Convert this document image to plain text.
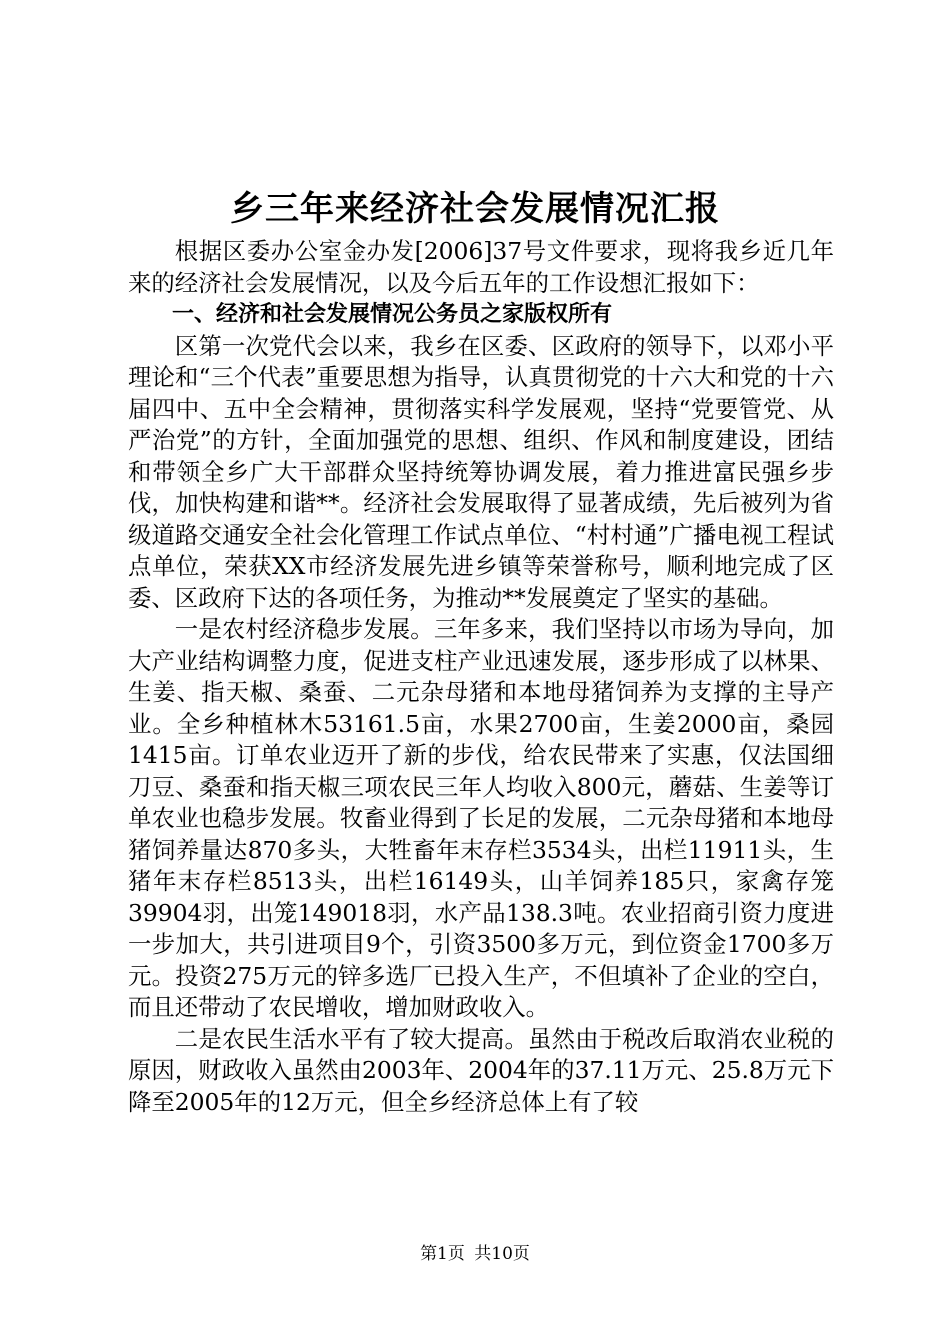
乡三年来经济社会发展情况汇报

根据区委办公室金办发[2006]37号文件要求，现将我乡近几年来的经济社会发展情况，以及今后五年的工作设想汇报如下：

一、经济和社会发展情况公务员之家版权所有

区第一次党代会以来，我乡在区委、区政府的领导下，以邓小平理论和“三个代表”重要思想为指导，认真贯彻党的十六大和党的十六届四中、五中全会精神，贯彻落实科学发展观，坚持“党要管党、从严治党”的方针，全面加强党的思想、组织、作风和制度建设，团结和带领全乡广大干部群众坚持统筹协调发展，着力推进富民强乡步伐，加快构建和谐**。经济社会发展取得了显著成绩，先后被列为省级道路交通安全社会化管理工作试点单位、“村村通”广播电视工程试点单位，荣获XX市经济发展先进乡镇等荣誉称号，顺利地完成了区委、区政府下达的各项任务，为推动**发展奠定了坚实的基础。

一是农村经济稳步发展。三年多来，我们坚持以市场为导向，加大产业结构调整力度，促进支柱产业迅速发展，逐步形成了以林果、生姜、指天椒、桑蚕、二元杂母猪和本地母猪饲养为支撑的主导产业。全乡种植林木53161.5亩，水果2700亩，生姜2000亩，桑园1415亩。订单农业迈开了新的步伐，给农民带来了实惠，仅法国细刀豆、桑蚕和指天椒三项农民三年人均收入800元，蘑菇、生姜等订单农业也稳步发展。牧畜业得到了长足的发展，二元杂母猪和本地母猪饲养量达870多头，大牲畜年末存栏3534头，出栏11911头，生猪年末存栏8513头，出栏16149头，山羊饲养185只，家禽存笼39904羽，出笼149018羽，水产品138.3吨。农业招商引资力度进一步加大，共引进项目9个，引资3500多万元，到位资金1700多万元。投资275万元的锌多选厂已投入生产，不但填补了企业的空白，而且还带动了农民增收，增加财政收入。

二是农民生活水平有了较大提高。虽然由于税改后取消农业税的原因，财政收入虽然由2003年、2004年的37.11万元、25.8万元下降至2005年的12万元，但全乡经济总体上有了较

第1页 共10页
